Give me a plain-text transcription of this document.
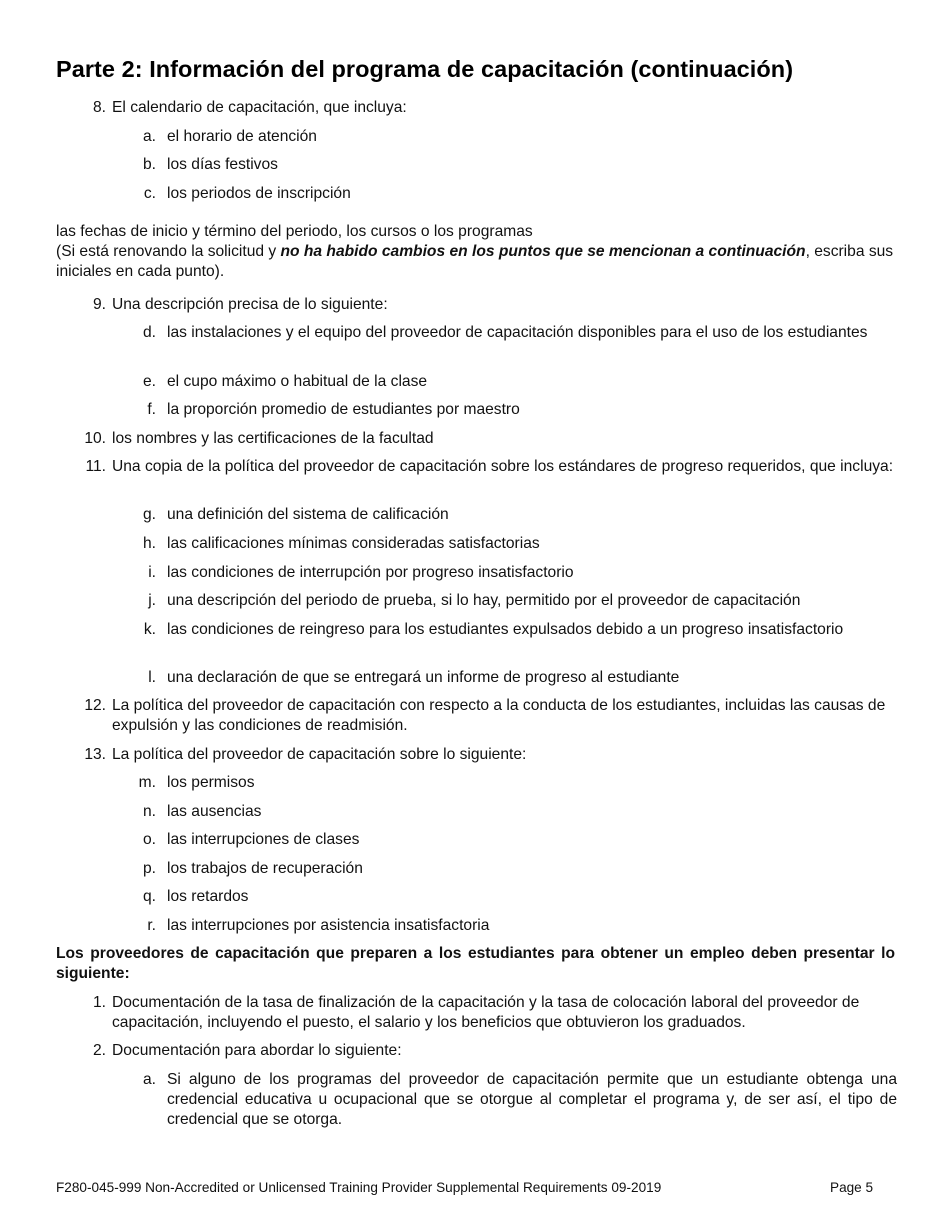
Parte 2: Información del programa de capacitación (continuación)
8. El calendario de capacitación, que incluya:
a. el horario de atención
b. los días festivos
c. los periodos de inscripción
las fechas de inicio y término del periodo, los cursos o los programas
(Si está renovando la solicitud y no ha habido cambios en los puntos que se mencionan a continuación, escriba sus iniciales en cada punto).
9. Una descripción precisa de lo siguiente:
d. las instalaciones y el equipo del proveedor de capacitación disponibles para el uso de los estudiantes
e. el cupo máximo o habitual de la clase
f. la proporción promedio de estudiantes por maestro
10. los nombres y las certificaciones de la facultad
11. Una copia de la política del proveedor de capacitación sobre los estándares de progreso requeridos, que incluya:
g. una definición del sistema de calificación
h. las calificaciones mínimas consideradas satisfactorias
i. las condiciones de interrupción por progreso insatisfactorio
j. una descripción del periodo de prueba, si lo hay, permitido por el proveedor de capacitación
k. las condiciones de reingreso para los estudiantes expulsados debido a un progreso insatisfactorio
l. una declaración de que se entregará un informe de progreso al estudiante
12. La política del proveedor de capacitación con respecto a la conducta de los estudiantes, incluidas las causas de expulsión y las condiciones de readmisión.
13. La política del proveedor de capacitación sobre lo siguiente:
m. los permisos
n. las ausencias
o. las interrupciones de clases
p. los trabajos de recuperación
q. los retardos
r. las interrupciones por asistencia insatisfactoria
Los proveedores de capacitación que preparen a los estudiantes para obtener un empleo deben presentar lo siguiente:
1. Documentación de la tasa de finalización de la capacitación y la tasa de colocación laboral del proveedor de capacitación, incluyendo el puesto, el salario y los beneficios que obtuvieron los graduados.
2. Documentación para abordar lo siguiente:
a. Si alguno de los programas del proveedor de capacitación permite que un estudiante obtenga una credencial educativa u ocupacional que se otorgue al completar el programa y, de ser así, el tipo de credencial que se otorga.
F280-045-999 Non-Accredited or Unlicensed Training Provider Supplemental Requirements 09-2019	Page 5
